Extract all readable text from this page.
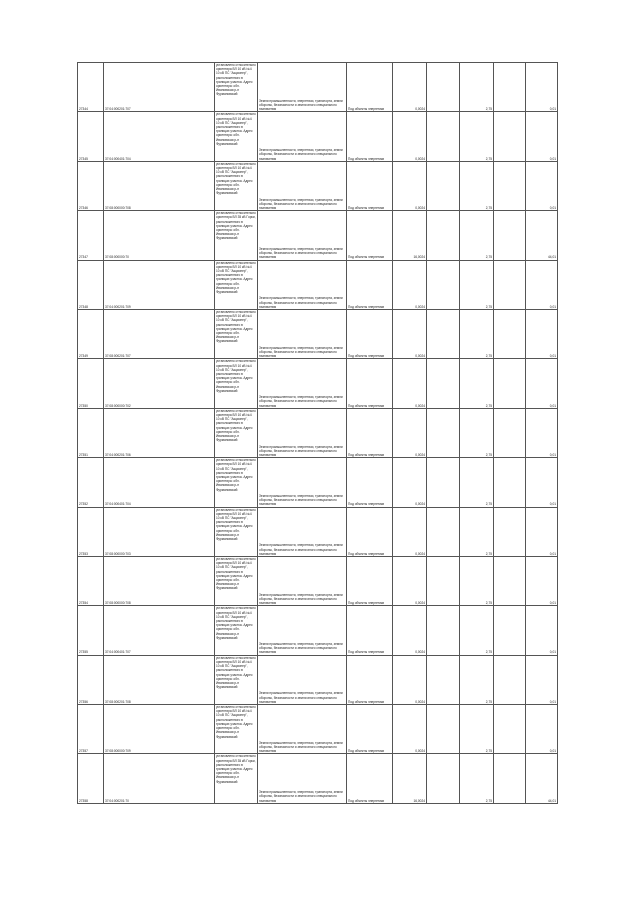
27344	37:04:000201:707	установлено относительно ориентира ВЛ 10 кВ №4 10 кВ ПС "Акционер", расположенного в границах участка. Адрес ориентира: обл. Ивановская р-н Фурмановский	Земли промышленности, энергетики, транспорта, земли обороны, безопасности и земли иного специального назначения	Под объекты энергетики	0,0024		2,75		0,01
27345	37:04:000401:704	установлено относительно ориентира ВЛ 10 кВ №4 10 кВ ПС "Акционер", расположенного в границах участка. Адрес ориентира: обл. Ивановская р-н Фурмановский	Земли промышленности, энергетики, транспорта, земли обороны, безопасности и земли иного специального назначения	Под объекты энергетики	0,0024		2,75		0,01
27346	37:08:000000:708	установлено относительно ориентира ВЛ 10 кВ №4 10 кВ ПС "Акционер", расположенного в границах участка. Адрес ориентира: обл. Ивановская р-н Фурмановский	Земли промышленности, энергетики, транспорта, земли обороны, безопасности и земли иного специального назначения	Под объекты энергетики	0,0024		2,75		0,01
27347	37:08:000000:70	установлено относительно ориентира ВЛ 35 кВ Горки, расположенного в границах участка. Адрес ориентира: обл. Ивановская р-н Фурмановский	Земли промышленности, энергетики, транспорта, земли обороны, безопасности и земли иного специального назначения	Под объекты энергетики	16,0024		2,75		44,01
27348	37:04:000201:709	установлено относительно ориентира ВЛ 10 кВ №4 10 кВ ПС "Акционер", расположенного в границах участка. Адрес ориентира: обл. Ивановская р-н Фурмановский	Земли промышленности, энергетики, транспорта, земли обороны, безопасности и земли иного специального назначения	Под объекты энергетики	0,0024		2,75		0,01
27349	37:08:000201:707	установлено относительно ориентира ВЛ 10 кВ №4 10 кВ ПС "Акционер", расположенного в границах участка. Адрес ориентира: обл. Ивановская р-н Фурмановский	Земли промышленности, энергетики, транспорта, земли обороны, безопасности и земли иного специального назначения	Под объекты энергетики	0,0024		2,75		0,01
27350	37:08:000000:702	установлено относительно ориентира ВЛ 10 кВ №4 10 кВ ПС "Акционер", расположенного в границах участка. Адрес ориентира: обл. Ивановская р-н Фурмановский	Земли промышленности, энергетики, транспорта, земли обороны, безопасности и земли иного специального назначения	Под объекты энергетики	0,0024		2,75		0,01
27351	37:04:000201:706	установлено относительно ориентира ВЛ 10 кВ №4 10 кВ ПС "Акционер", расположенного в границах участка. Адрес ориентира: обл. Ивановская р-н Фурмановский	Земли промышленности, энергетики, транспорта, земли обороны, безопасности и земли иного специального назначения	Под объекты энергетики	0,0024		2,75		0,01
27352	37:04:000401:704	установлено относительно ориентира ВЛ 10 кВ №4 10 кВ ПС "Акционер", расположенного в границах участка. Адрес ориентира: обл. Ивановская р-н Фурмановский	Земли промышленности, энергетики, транспорта, земли обороны, безопасности и земли иного специального назначения	Под объекты энергетики	0,0024		2,75		0,01
27353	37:08:000000:703	установлено относительно ориентира ВЛ 10 кВ №4 10 кВ ПС "Акционер", расположенного в границах участка. Адрес ориентира: обл. Ивановская р-н Фурмановский	Земли промышленности, энергетики, транспорта, земли обороны, безопасности и земли иного специального назначения	Под объекты энергетики	0,0024		2,75		0,01
27354	37:08:000000:708	установлено относительно ориентира ВЛ 10 кВ №4 10 кВ ПС "Акционер", расположенного в границах участка. Адрес ориентира: обл. Ивановская р-н Фурмановский	Земли промышленности, энергетики, транспорта, земли обороны, безопасности и земли иного специального назначения	Под объекты энергетики	0,0024		2,75		0,01
27355	37:04:000401:707	установлено относительно ориентира ВЛ 10 кВ №4 10 кВ ПС "Акционер", расположенного в границах участка. Адрес ориентира: обл. Ивановская р-н Фурмановский	Земли промышленности, энергетики, транспорта, земли обороны, безопасности и земли иного специального назначения	Под объекты энергетики	0,0024		2,75		0,01
27356	37:08:000201:708	установлено относительно ориентира ВЛ 10 кВ №4 10 кВ ПС "Акционер", расположенного в границах участка. Адрес ориентира: обл. Ивановская р-н Фурмановский	Земли промышленности, энергетики, транспорта, земли обороны, безопасности и земли иного специального назначения	Под объекты энергетики	0,0024		2,75		0,01
27357	37:08:000000:709	установлено относительно ориентира ВЛ 10 кВ №4 10 кВ ПС "Акционер", расположенного в границах участка. Адрес ориентира: обл. Ивановская р-н Фурмановский	Земли промышленности, энергетики, транспорта, земли обороны, безопасности и земли иного специального назначения	Под объекты энергетики	0,0024		2,75		0,01
27358	37:04:000201:70	установлено относительно ориентира ВЛ 35 кВ Горки, расположенного в границах участка. Адрес ориентира: обл. Ивановская р-н Фурмановский	Земли промышленности, энергетики, транспорта, земли обороны, безопасности и земли иного специального назначения	Под объекты энергетики	16,0024		2,75		44,01
